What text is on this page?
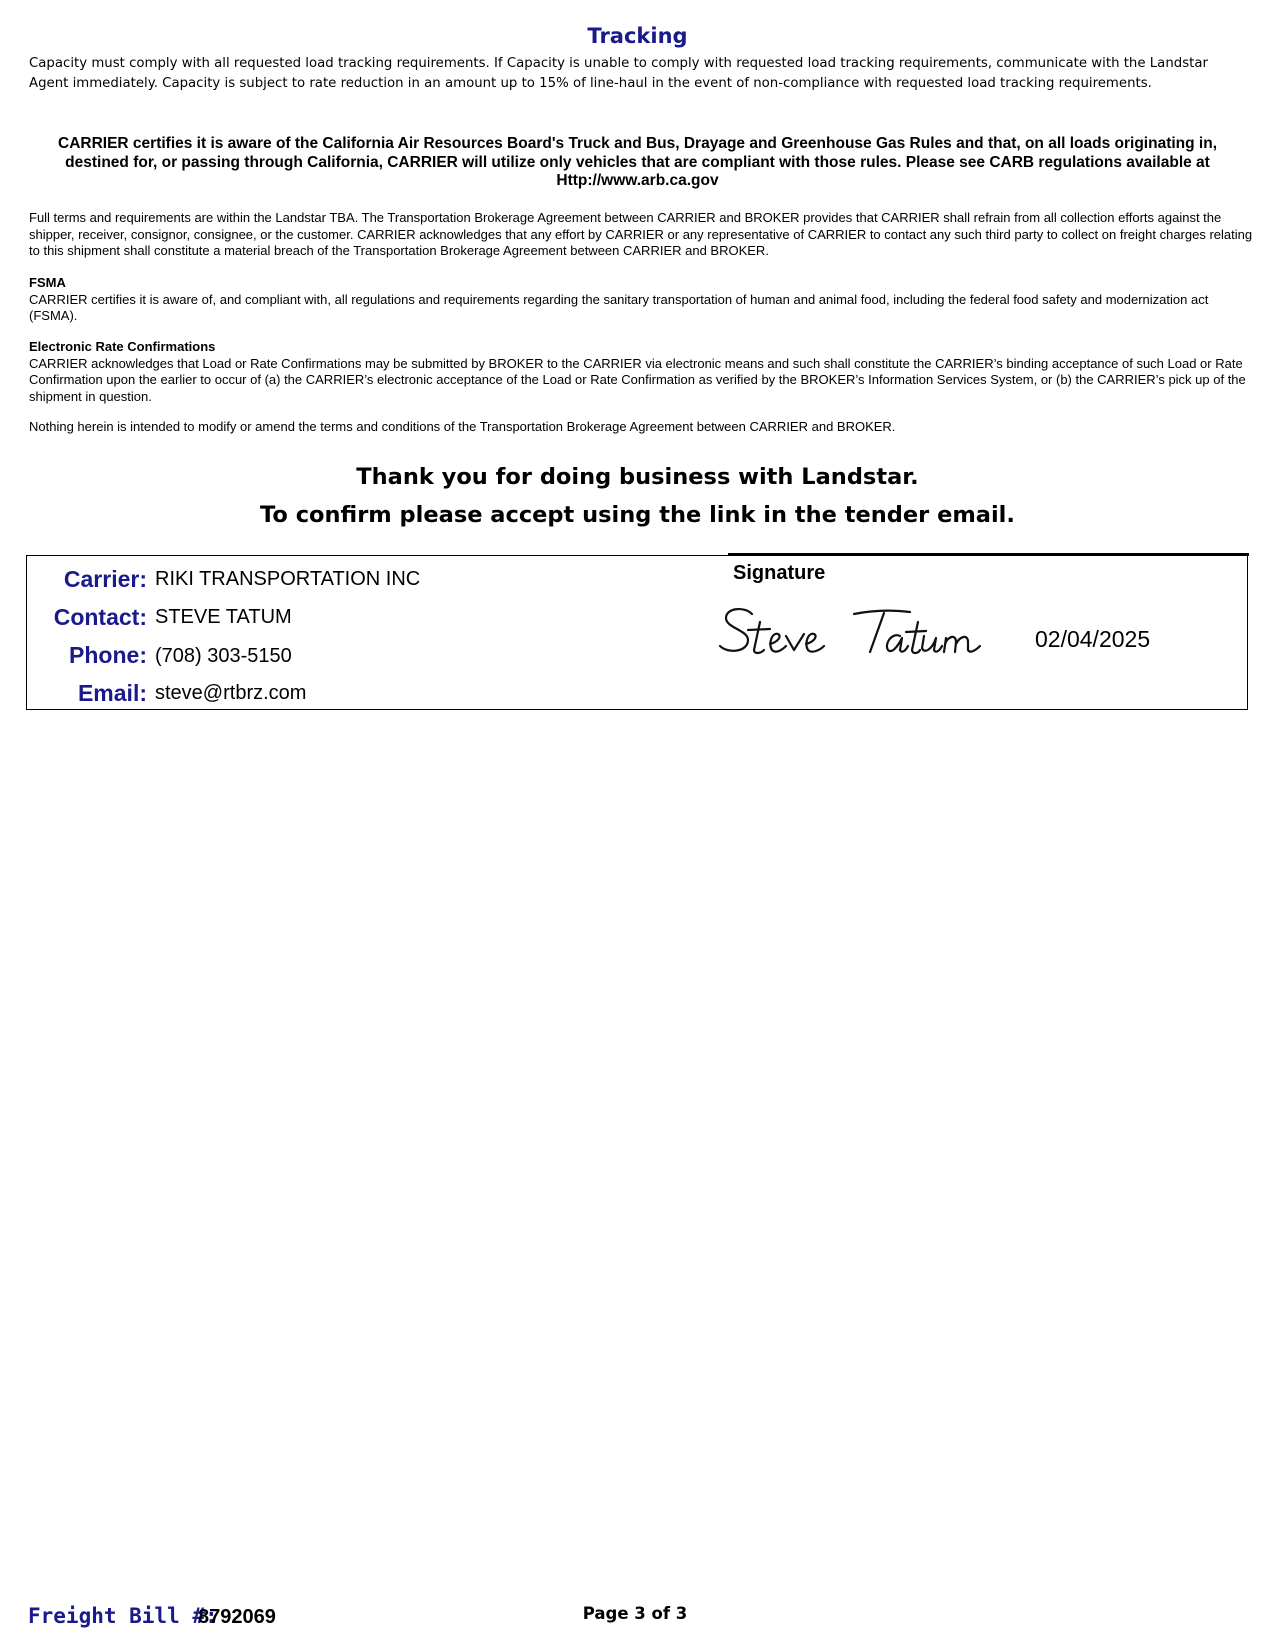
Tracking
Capacity must comply with all requested load tracking requirements. If Capacity is unable to comply with requested load tracking requirements, communicate with the Landstar Agent immediately. Capacity is subject to rate reduction in an amount up to 15% of line-haul in the event of non-compliance with requested load tracking requirements.
CARRIER certifies it is aware of the California Air Resources Board's Truck and Bus, Drayage and Greenhouse Gas Rules and that, on all loads originating in, destined for, or passing through California, CARRIER will utilize only vehicles that are compliant with those rules. Please see CARB regulations available at Http://www.arb.ca.gov
Full terms and requirements are within the Landstar TBA. The Transportation Brokerage Agreement between CARRIER and BROKER provides that CARRIER shall refrain from all collection efforts against the shipper, receiver, consignor, consignee, or the customer. CARRIER acknowledges that any effort by CARRIER or any representative of CARRIER to contact any such third party to collect on freight charges relating to this shipment shall constitute a material breach of the Transportation Brokerage Agreement between CARRIER and BROKER.
FSMA
CARRIER certifies it is aware of, and compliant with, all regulations and requirements regarding the sanitary transportation of human and animal food, including the federal food safety and modernization act (FSMA).
Electronic Rate Confirmations
CARRIER acknowledges that Load or Rate Confirmations may be submitted by BROKER to the CARRIER via electronic means and such shall constitute the CARRIER’s binding acceptance of such Load or Rate Confirmation upon the earlier to occur of (a) the CARRIER’s electronic acceptance of the Load or Rate Confirmation as verified by the BROKER’s Information Services System, or (b) the CARRIER’s pick up of the shipment in question.
Nothing herein is intended to modify or amend the terms and conditions of the Transportation Brokerage Agreement between CARRIER and BROKER.
Thank you for doing business with Landstar.
To confirm please accept using the link in the tender email.
Carrier: RIKI TRANSPORTATION INC
Contact: STEVE TATUM
Phone: (708) 303-5150
Email: steve@rtbrz.com
Signature
02/04/2025
Freight Bill #:
8792069	Page 3 of 3
